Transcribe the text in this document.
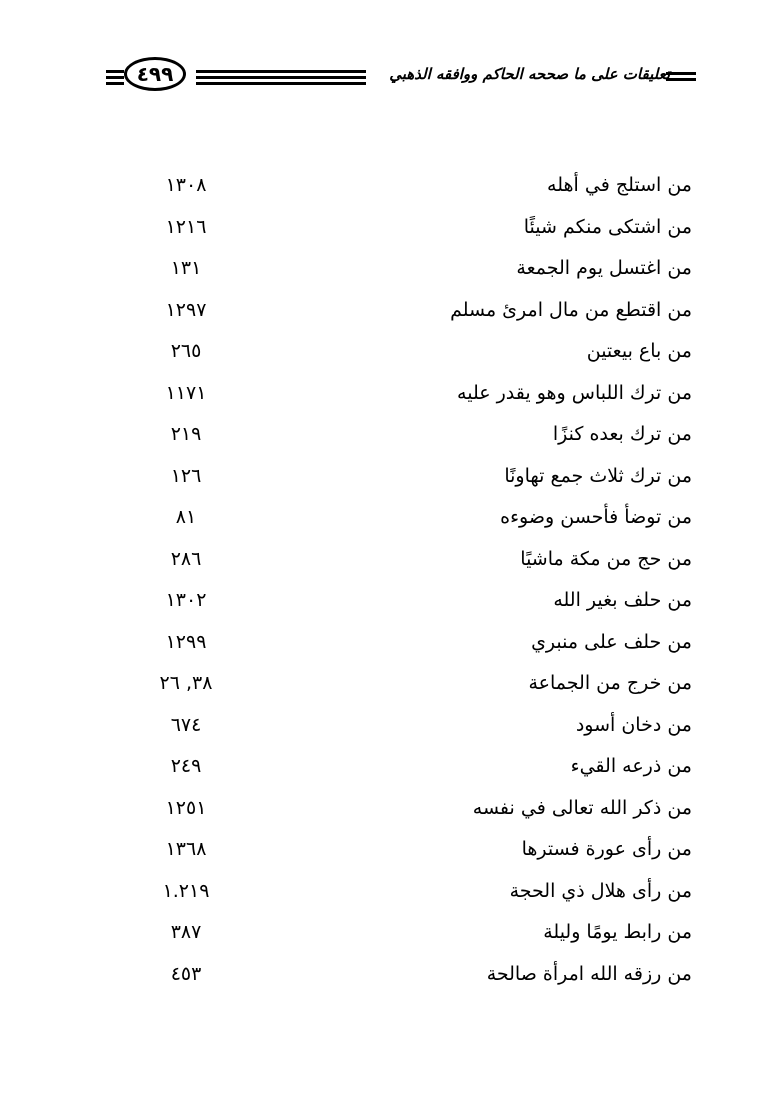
تعليقات على ما صححه الحاكم ووافقه الذهبي
٤٩٩
من استلج في أهله
١٣٠٨
من اشتكى منكم شيئًا
١٢١٦
من اغتسل يوم الجمعة
١٣١
من اقتطع من مال امرئ مسلم
١٢٩٧
من باع بيعتين
٢٦٥
من ترك اللباس وهو يقدر عليه
١١٧١
من ترك بعده كنزًا
٢١٩
من ترك ثلاث جمع تهاونًا
١٢٦
من توضأ فأحسن وضوءه
٨١
من حج من مكة ماشيًا
٢٨٦
من حلف بغير الله
١٣٠٢
من حلف على منبري
١٢٩٩
من خرج من الجماعة
٣٨, ٢٦
من دخان أسود
٦٧٤
من ذرعه القيء
٢٤٩
من ذكر الله تعالى في نفسه
١٢٥١
من رأى عورة فسترها
١٣٦٨
من رأى هلال ذي الحجة
١.٢١٩
من رابط يومًا وليلة
٣٨٧
من رزقه الله امرأة صالحة
٤٥٣
